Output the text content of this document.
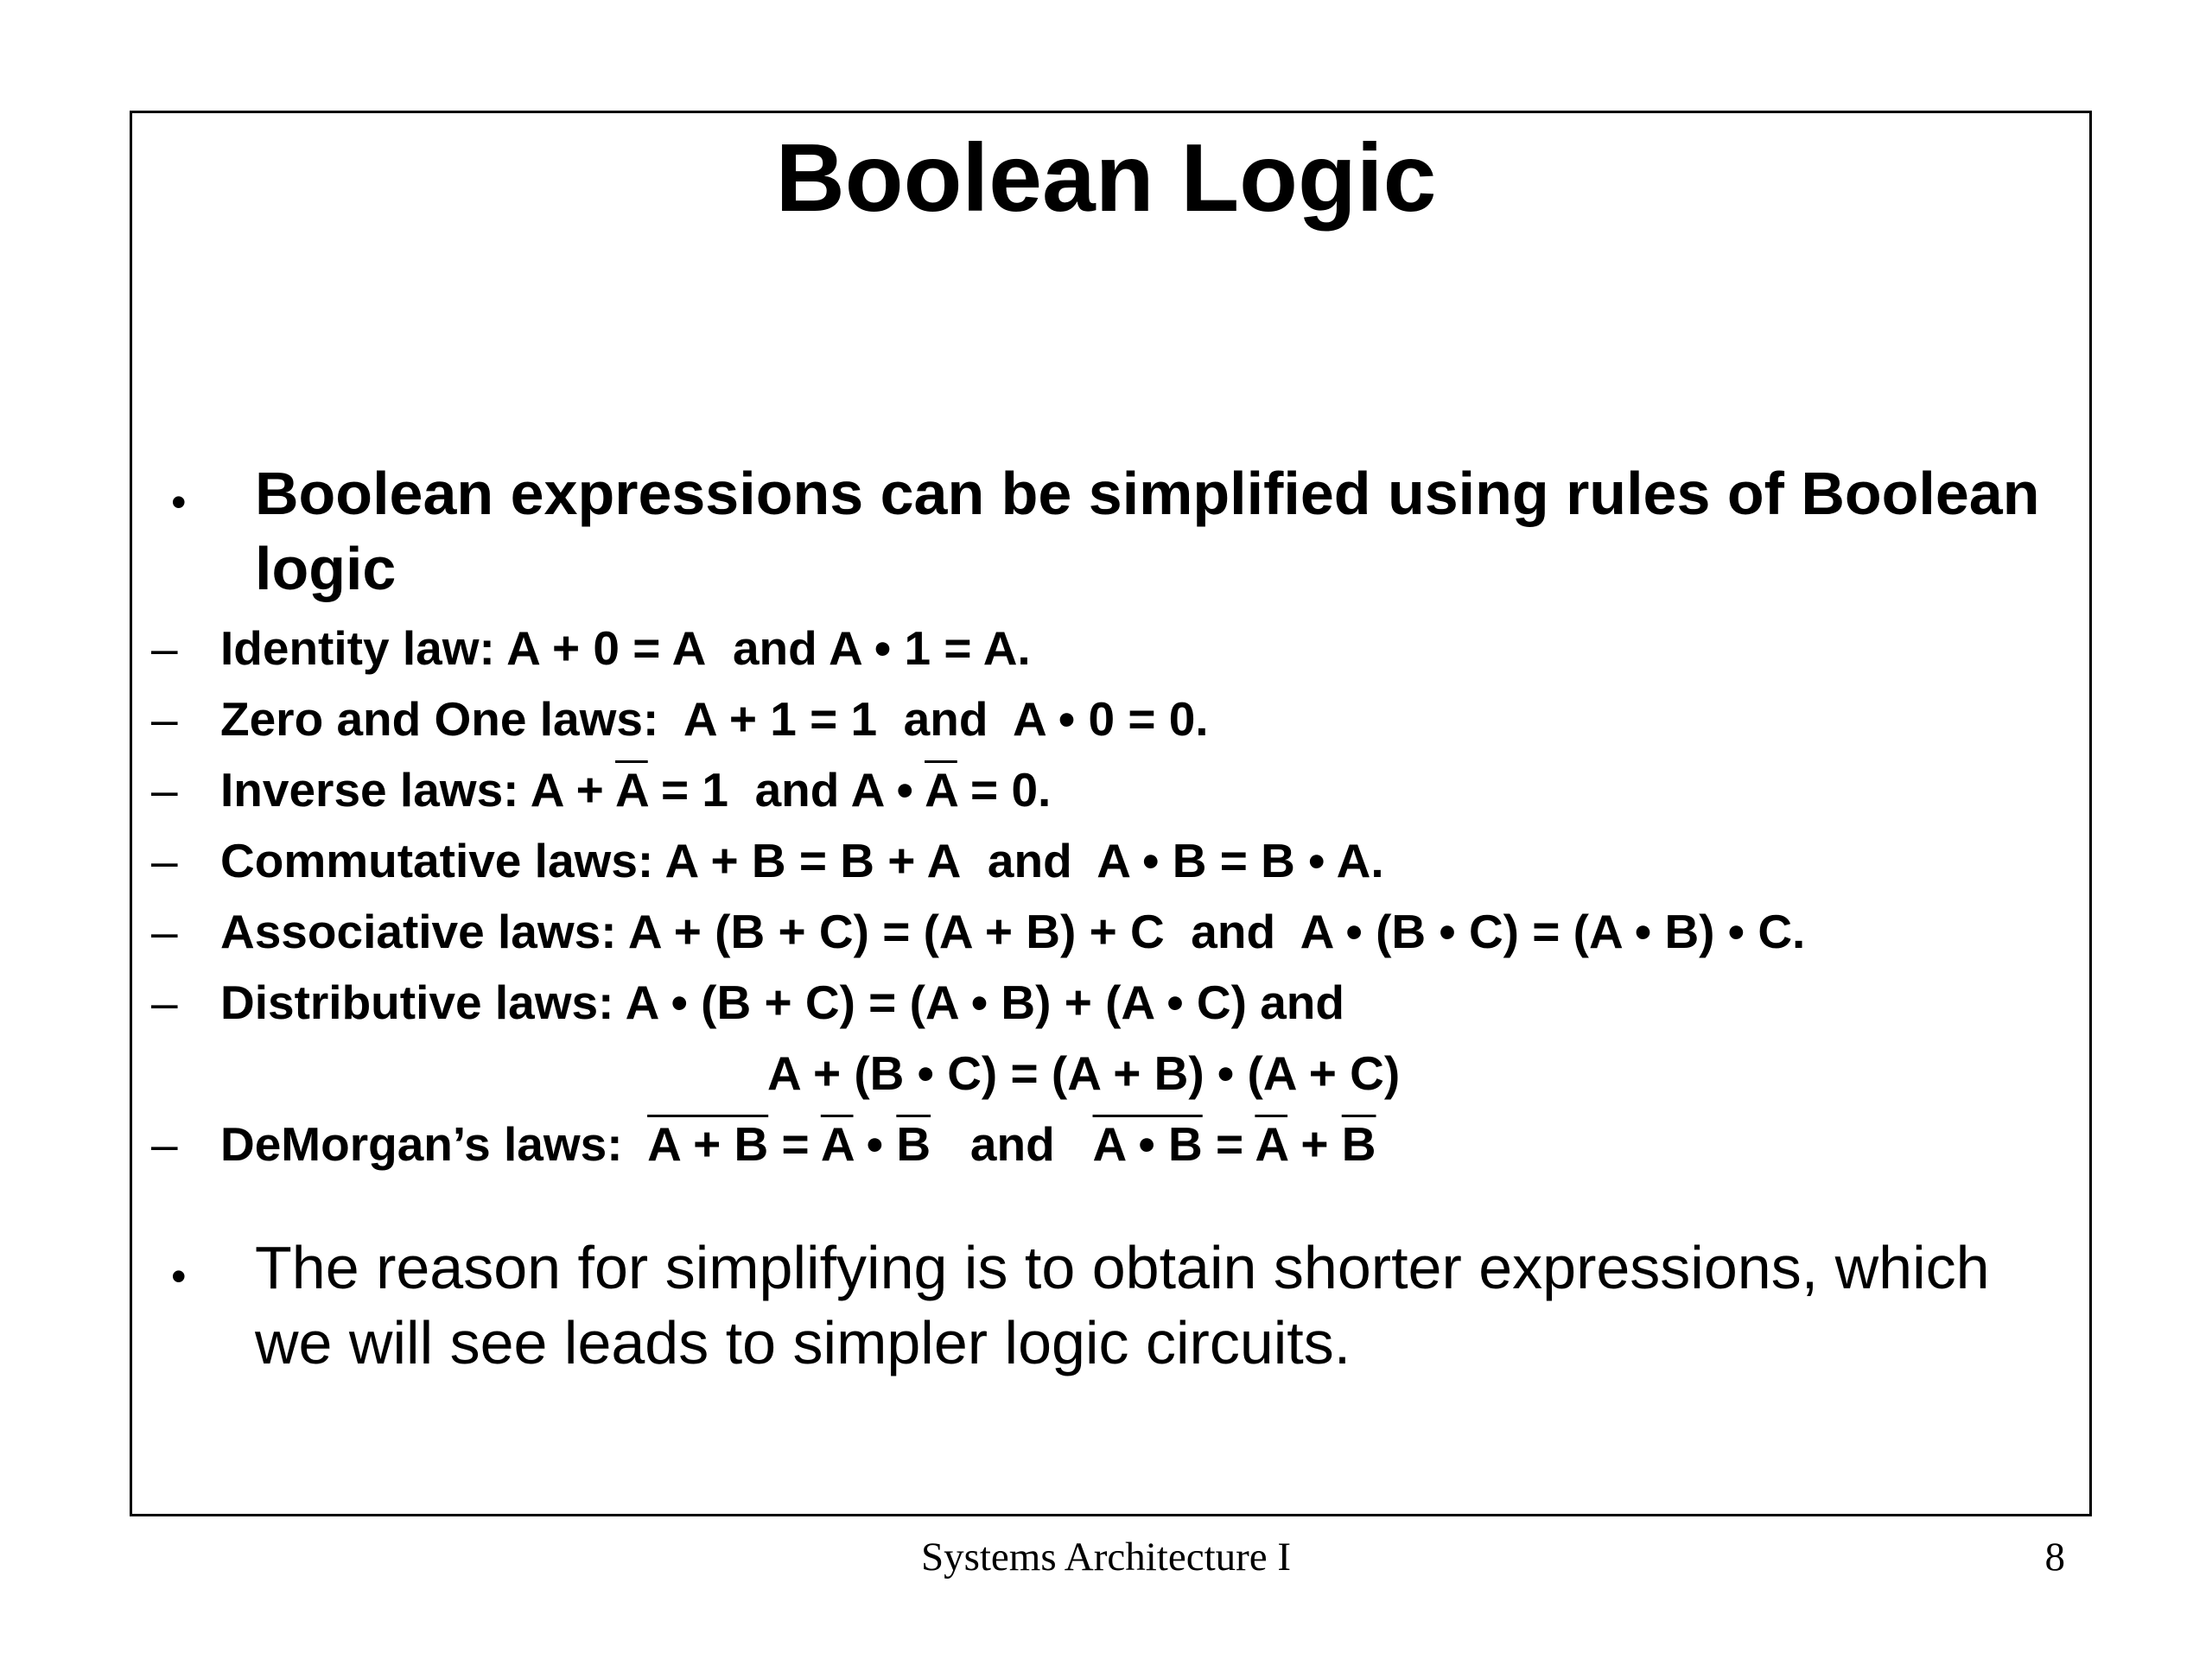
Boolean Logic
• Boolean expressions can be simplified using rules of Boolean logic
– Identity law: A + 0 = A and A • 1 = A.
– Zero and One laws: A + 1 = 1 and A • 0 = 0.
– Inverse laws: $A + \overline{A} = 1$ and A • $\overline{A} = 0$.
– Commutative laws: A + B = B + A and A • B = B • A.
– Associative laws: A + (B + C) = (A + B) + C and A • (B • C) = (A • B) • C.
– Distributive laws: A • (B + C) = (A • B) + (A • C) and
A + (B • C) = (A + B) • (A + C)
– DeMorgan’s laws: $A + B = \overline{A}$ • $\overline{B}$ and A • $B = \overline{A} + \overline{B}$
• The reason for simplifying is to obtain shorter expressions, which we will see leads to simpler logic circuits.
Systems Architecture I	8
